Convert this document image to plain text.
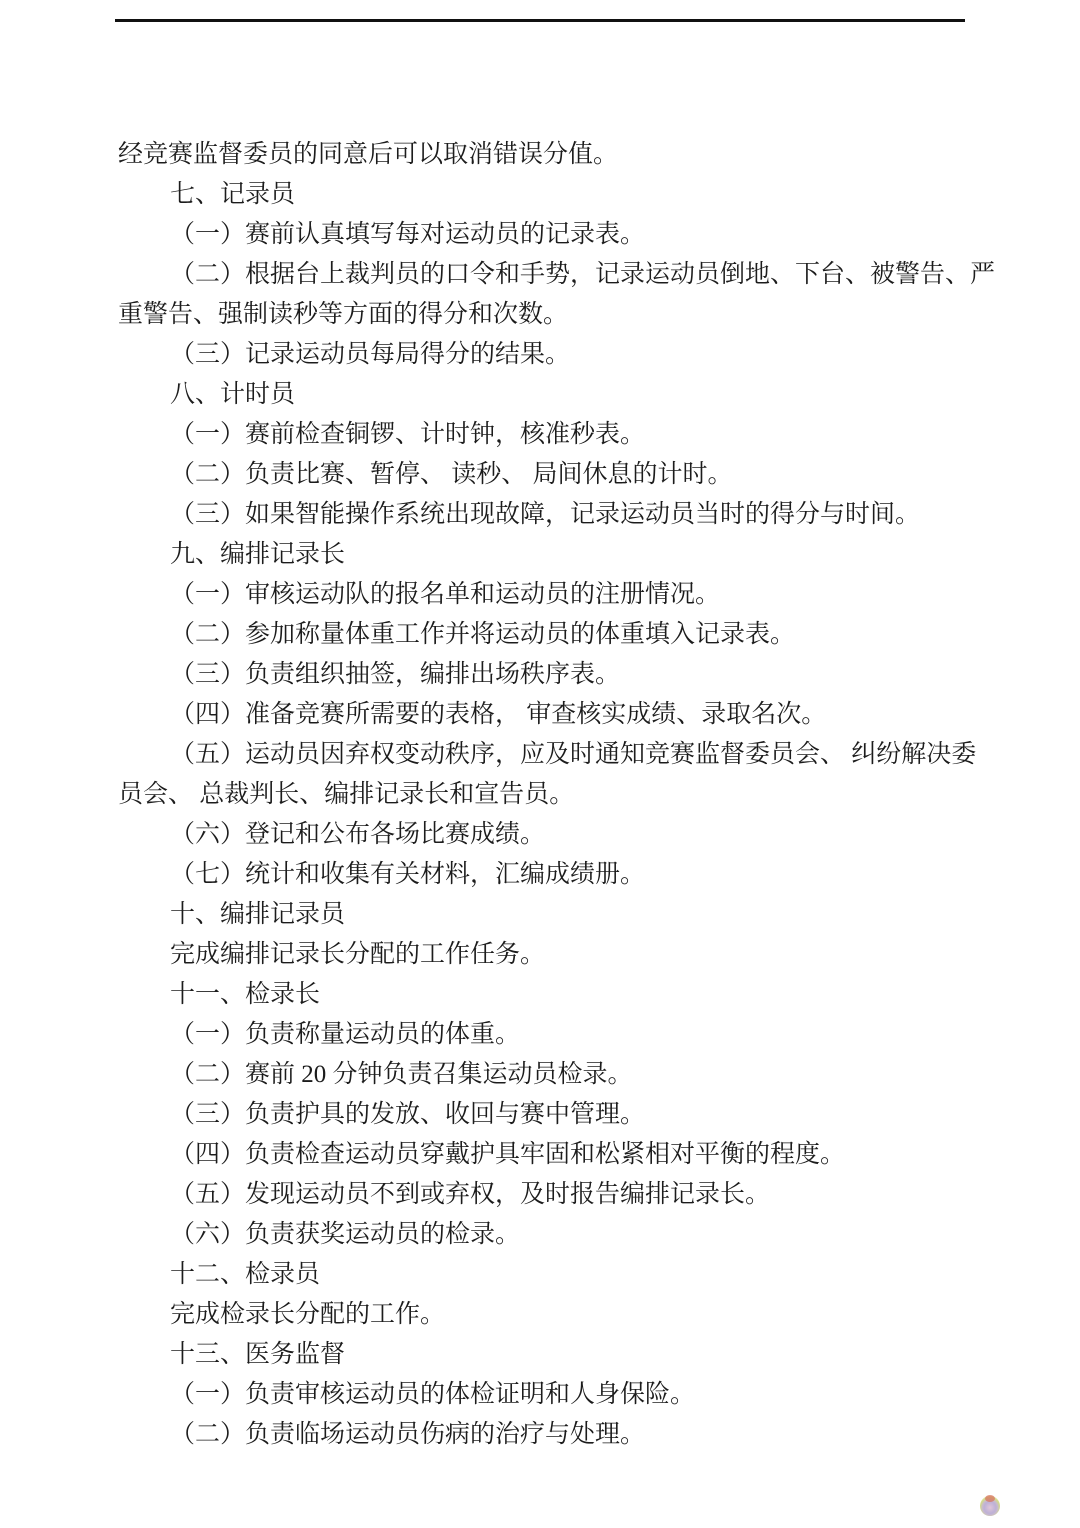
经竞赛监督委员的同意后可以取消错误分值。
七、记录员
（一）赛前认真填写每对运动员的记录表。
（二）根据台上裁判员的口令和手势，记录运动员倒地、下台、被警告、严
重警告、强制读秒等方面的得分和次数。
（三）记录运动员每局得分的结果。
八、计时员
（一）赛前检查铜锣、计时钟，核准秒表。
（二）负责比赛、暂停、 读秒、 局间休息的计时。
（三）如果智能操作系统出现故障，记录运动员当时的得分与时间。
九、编排记录长
（一）审核运动队的报名单和运动员的注册情况。
（二）参加称量体重工作并将运动员的体重填入记录表。
（三）负责组织抽签，编排出场秩序表。
（四）准备竞赛所需要的表格， 审查核实成绩、录取名次。
（五）运动员因弃权变动秩序，应及时通知竞赛监督委员会、 纠纷解决委
员会、 总裁判长、编排记录长和宣告员。
（六）登记和公布各场比赛成绩。
（七）统计和收集有关材料，汇编成绩册。
十、编排记录员
完成编排记录长分配的工作任务。
十一、检录长
（一）负责称量运动员的体重。
（二）赛前 20 分钟负责召集运动员检录。
（三）负责护具的发放、收回与赛中管理。
（四）负责检查运动员穿戴护具牢固和松紧相对平衡的程度。
（五）发现运动员不到或弃权，及时报告编排记录长。
（六）负责获奖运动员的检录。
十二、检录员
完成检录长分配的工作。
十三、医务监督
（一）负责审核运动员的体检证明和人身保险。
（二）负责临场运动员伤病的治疗与处理。
